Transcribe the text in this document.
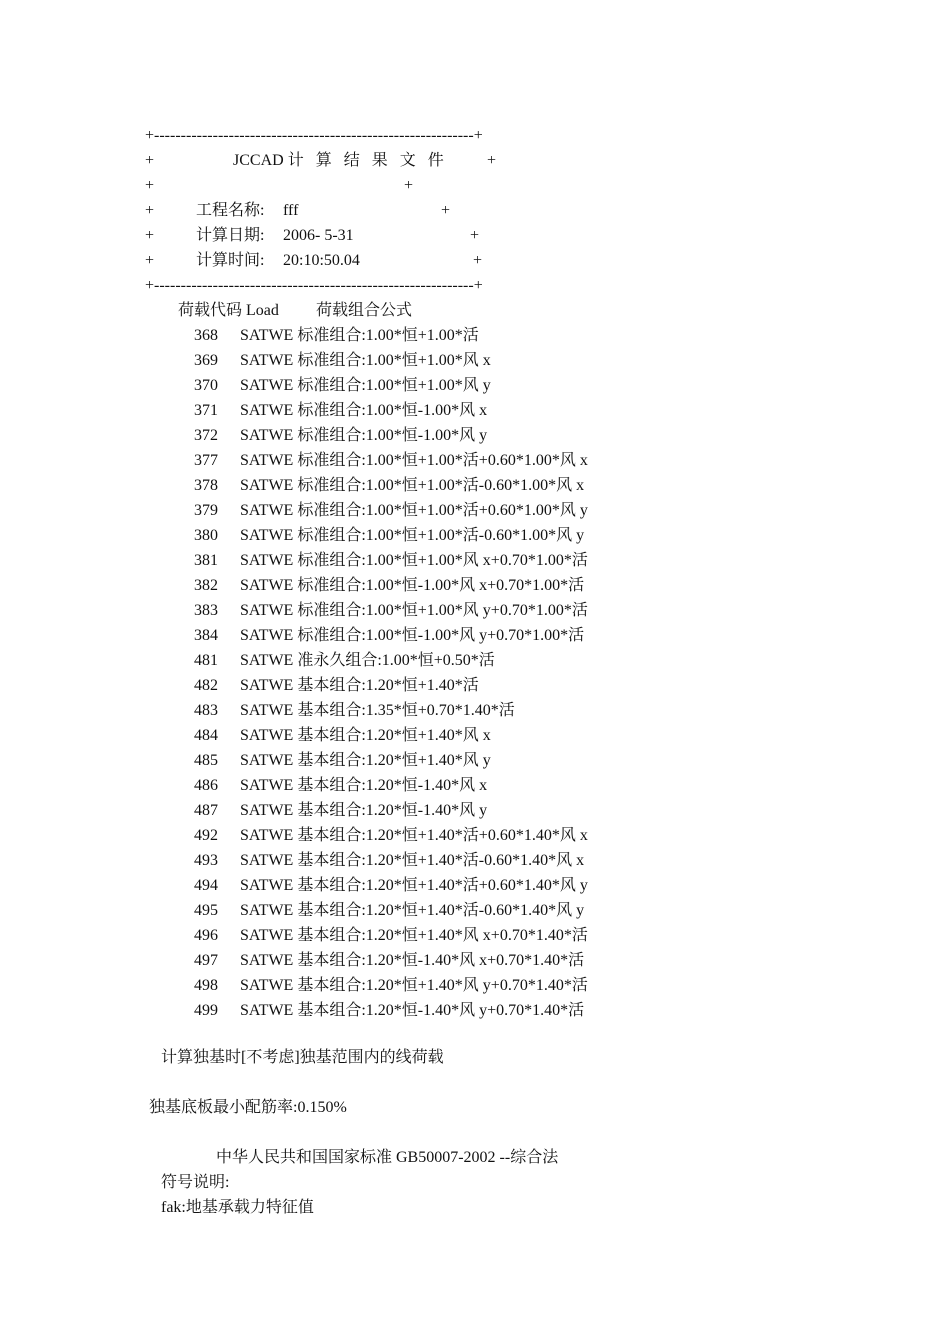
+------------------------------------------------------------+
+	JCCAD 计 算 结 果 文 件 +
+	+
+	工程名称: fff	+
+	计算日期: 2006- 5-31	+
+	计算时间: 20:10:50.04	+
+------------------------------------------------------------+
荷载代码 Load 荷载组合公式
368 SATWE 标准组合:1.00*恒+1.00*活
369 SATWE 标准组合:1.00*恒+1.00*风 x
370 SATWE 标准组合:1.00*恒+1.00*风 y
371 SATWE 标准组合:1.00*恒-1.00*风 x
372 SATWE 标准组合:1.00*恒-1.00*风 y
377 SATWE 标准组合:1.00*恒+1.00*活+0.60*1.00*风 x
378 SATWE 标准组合:1.00*恒+1.00*活-0.60*1.00*风 x
379 SATWE 标准组合:1.00*恒+1.00*活+0.60*1.00*风 y
380 SATWE 标准组合:1.00*恒+1.00*活-0.60*1.00*风 y
381 SATWE 标准组合:1.00*恒+1.00*风 x+0.70*1.00*活
382 SATWE 标准组合:1.00*恒-1.00*风 x+0.70*1.00*活
383 SATWE 标准组合:1.00*恒+1.00*风 y+0.70*1.00*活
384 SATWE 标准组合:1.00*恒-1.00*风 y+0.70*1.00*活
481 SATWE 准永久组合:1.00*恒+0.50*活
482 SATWE 基本组合:1.20*恒+1.40*活
483 SATWE 基本组合:1.35*恒+0.70*1.40*活
484 SATWE 基本组合:1.20*恒+1.40*风 x
485 SATWE 基本组合:1.20*恒+1.40*风 y
486 SATWE 基本组合:1.20*恒-1.40*风 x
487 SATWE 基本组合:1.20*恒-1.40*风 y
492 SATWE 基本组合:1.20*恒+1.40*活+0.60*1.40*风 x
493 SATWE 基本组合:1.20*恒+1.40*活-0.60*1.40*风 x
494 SATWE 基本组合:1.20*恒+1.40*活+0.60*1.40*风 y
495 SATWE 基本组合:1.20*恒+1.40*活-0.60*1.40*风 y
496 SATWE 基本组合:1.20*恒+1.40*风 x+0.70*1.40*活
497 SATWE 基本组合:1.20*恒-1.40*风 x+0.70*1.40*活
498 SATWE 基本组合:1.20*恒+1.40*风 y+0.70*1.40*活
499 SATWE 基本组合:1.20*恒-1.40*风 y+0.70*1.40*活
计算独基时[不考虑]独基范围内的线荷载
独基底板最小配筋率:0.150%
中华人民共和国国家标准 GB50007-2002 --综合法
符号说明:
fak:地基承载力特征值
